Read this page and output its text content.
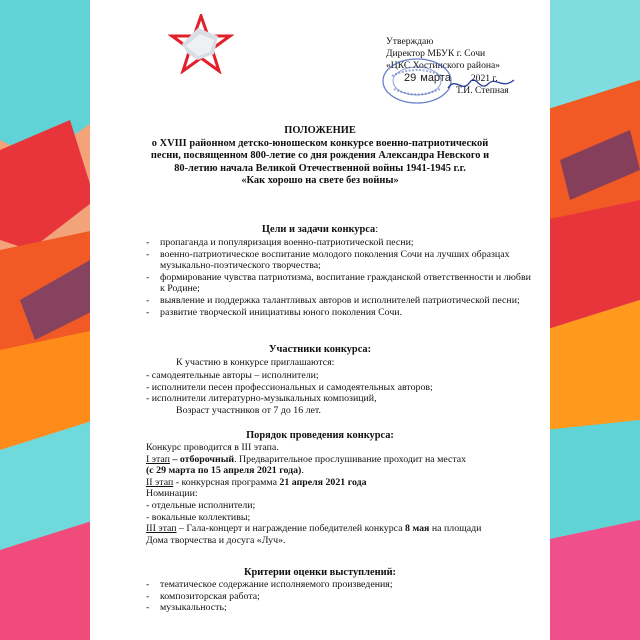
Утверждаю
Директор МБУК г. Сочи
«ЦКС Хостинского района»
29 марта	2021 г.
Т.И. Степная
ПОЛОЖЕНИЕ
о XVIII районном детско-юношеском конкурсе военно-патриотической
песни, посвященном 800-летие со дня рождения Александра Невского и
80-летию начала Великой Отечественной войны 1941-1945 г.г.
«Как хорошо на свете без войны»
Цели и задачи конкурса:
- пропаганда и популяризация военно-патриотической песни;
- военно-патриотическое воспитание молодого поколения Сочи на лучших образцах музыкально-поэтического творчества;
- формирование чувства патриотизма, воспитание гражданской ответственности и любви к Родине;
- выявление и поддержка талантливых авторов и исполнителей патриотической песни;
- развитие творческой инициативы юного поколения Сочи.
Участники конкурса:
К участию в конкурсе приглашаются:
- самодеятельные авторы – исполнители;
- исполнители песен профессиональных и самодеятельных авторов;
- исполнители литературно-музыкальных композиций,
Возраст участников от 7 до 16 лет.
Порядок проведения конкурса:
Конкурс проводится в III этапа.
I этап – отборочный. Предварительное прослушивание проходит на местах
(с 29 марта по 15 апреля 2021 года).
II этап - конкурсная программа 21 апреля 2021 года
Номинации:
- отдельные исполнители;
- вокальные коллективы;
III этап – Гала-концерт и награждение победителей конкурса 8 мая на площади
Дома творчества и досуга «Луч».
Критерии оценки выступлений:
- тематическое содержание исполняемого произведения;
- композиторская работа;
- музыкальность;
